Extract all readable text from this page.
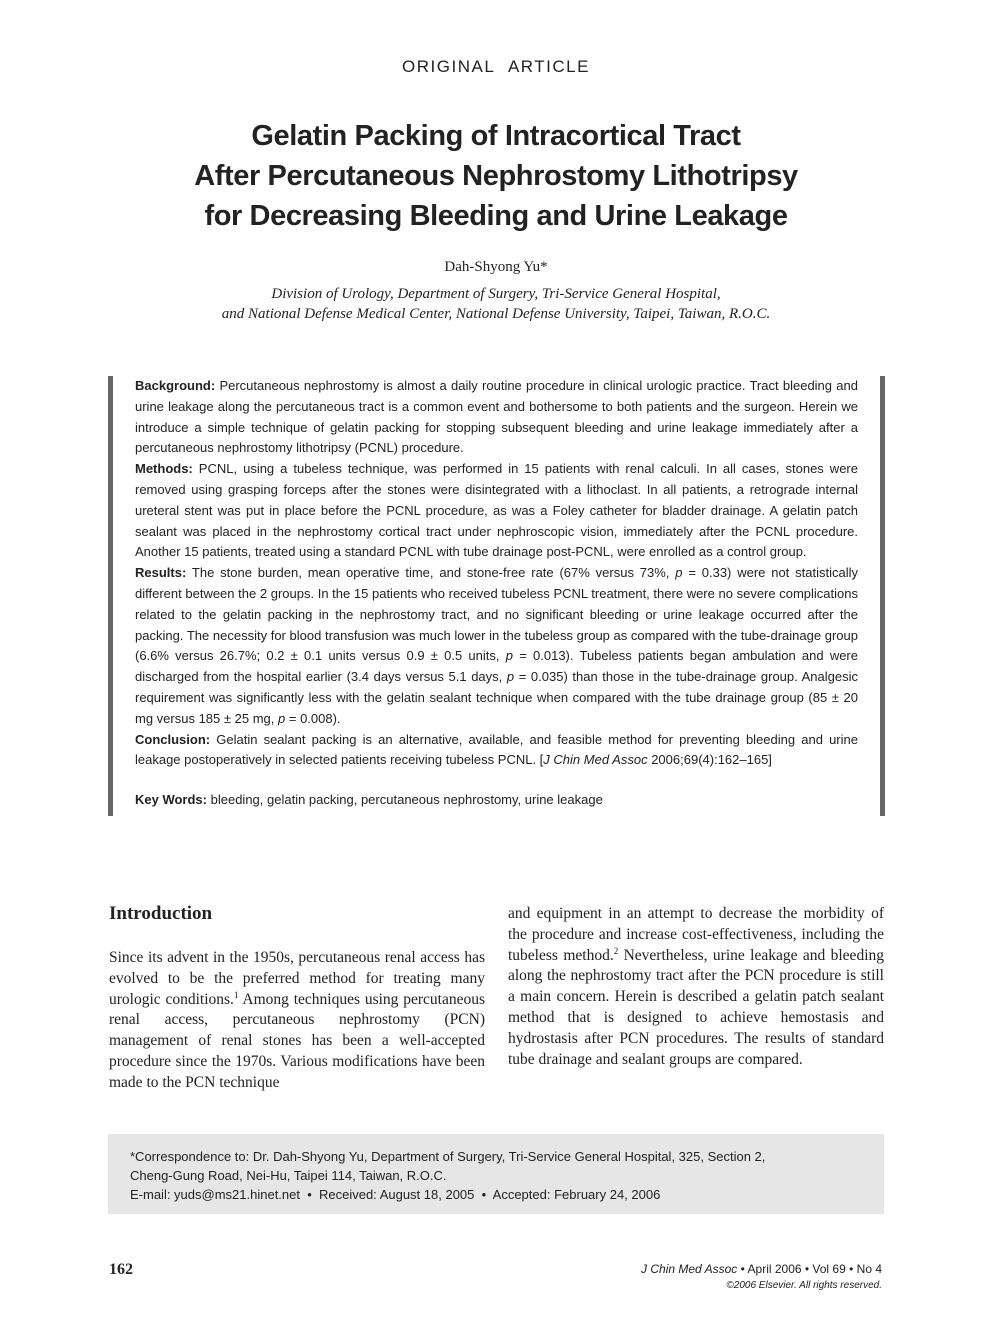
ORIGINAL ARTICLE
Gelatin Packing of Intracortical Tract
After Percutaneous Nephrostomy Lithotripsy
for Decreasing Bleeding and Urine Leakage
Dah-Shyong Yu*
Division of Urology, Department of Surgery, Tri-Service General Hospital,
and National Defense Medical Center, National Defense University, Taipei, Taiwan, R.O.C.

Background: Percutaneous nephrostomy is almost a daily routine procedure in clinical urologic practice. Tract bleeding and urine leakage along the percutaneous tract is a common event and bothersome to both patients and the surgeon. Herein we introduce a simple technique of gelatin packing for stopping subsequent bleeding and urine leakage immediately after a percutaneous nephrostomy lithotripsy (PCNL) procedure.

Methods: PCNL, using a tubeless technique, was performed in 15 patients with renal calculi. In all cases, stones were removed using grasping forceps after the stones were disintegrated with a lithoclast. In all patients, a retrograde internal ureteral stent was put in place before the PCNL procedure, as was a Foley catheter for bladder drainage. A gelatin patch sealant was placed in the nephrostomy cortical tract under nephroscopic vision, immediately after the PCNL procedure. Another 15 patients, treated using a standard PCNL with tube drainage post-PCNL, were enrolled as a control group.

Results: The stone burden, mean operative time, and stone-free rate (67% versus 73%, p = 0.33) were not statistically different between the 2 groups. In the 15 patients who received tubeless PCNL treatment, there were no severe complications related to the gelatin packing in the nephrostomy tract, and no significant bleeding or urine leakage occurred after the packing. The necessity for blood transfusion was much lower in the tubeless group as compared with the tube-drainage group (6.6% versus 26.7%; 0.2 ± 0.1 units versus 0.9 ± 0.5 units, p = 0.013). Tubeless patients began ambulation and were discharged from the hospital earlier (3.4 days versus 5.1 days, p = 0.035) than those in the tube-drainage group. Analgesic requirement was significantly less with the gelatin sealant technique when compared with the tube drainage group (85 ± 20 mg versus 185 ± 25 mg, p = 0.008).

Conclusion: Gelatin sealant packing is an alternative, available, and feasible method for preventing bleeding and urine leakage postoperatively in selected patients receiving tubeless PCNL. [J Chin Med Assoc 2006;69(4):162–165]

Key Words: bleeding, gelatin packing, percutaneous nephrostomy, urine leakage
Introduction

Since its advent in the 1950s, percutaneous renal access has evolved to be the preferred method for treating many urologic conditions.$^1$ Among techniques using percutaneous renal access, percutaneous nephrostomy (PCN) management of renal stones has been a well-accepted procedure since the 1970s. Various modifications have been made to the PCN technique

and equipment in an attempt to decrease the morbidity of the procedure and increase cost-effectiveness, including the tubeless method.$^2$ Nevertheless, urine leakage and bleeding along the nephrostomy tract after the PCN procedure is still a main concern. Herein is described a gelatin patch sealant method that is designed to achieve hemostasis and hydrostasis after PCN procedures. The results of standard tube drainage and sealant groups are compared.

*Correspondence to: Dr. Dah-Shyong Yu, Department of Surgery, Tri-Service General Hospital, 325, Section 2,

Cheng-Gung Road, Nei-Hu, Taipei 114, Taiwan, R.O.C.

E-mail: yuds@ms21.hinet.net  •  Received: August 18, 2005  •  Accepted: February 24, 2006

162	J Chin Med Assoc • April 2006 • Vol 69 • No 4
©2006 Elsevier. All rights reserved.
